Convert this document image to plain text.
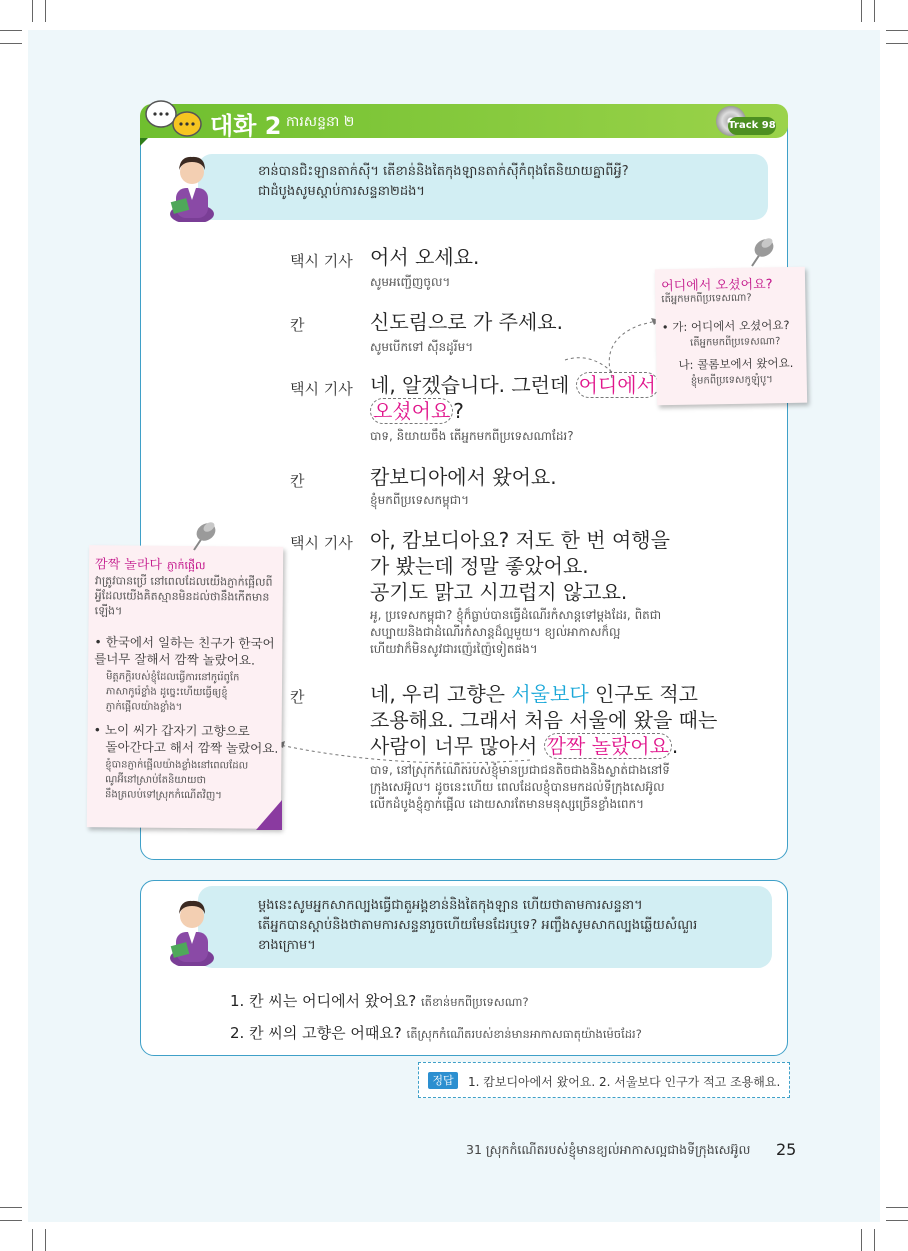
대화 2 ការសន្ទនា ២	Track 98
ខាន់បានជិះឡានតាក់ស៊ី។ តើខាន់និងតៃកុងឡានតាក់ស៊ីកំពុងតែនិយាយគ្នាពីអ្វី?
ជាដំបូងសូមស្ដាប់ការសន្ទនា២ដង។
택시 기사 어서 오세요.
សូមអញ្ជើញចូល។
칸	신도림으로 가 주세요.
សូមបើកទៅ ស៊ីនដូរីម។
택시 기사 네, 알겠습니다. 그런데 어디에서
오셨어요 ?
បាទ, និយាយចឹង តើអ្នកមកពីប្រទេសណាដែរ?
칸	캄보디아에서 왔어요.
ខ្ញុំមកពីប្រទេសកម្ពុជា។
택시 기사 아, 캄보디아요? 저도 한 번 여행을
가 봤는데 정말 좋았어요.
공기도 맑고 시끄럽지 않고요.
អូ, ប្រទេសកម្ពុជា? ខ្ញុំក៏ធ្លាប់បានធ្វើដំណើរកំសាន្តទៅម្ដងដែរ, ពិតជា
សប្បាយនិងជាដំណើរកំសាន្តដ៏ល្អមួយ។ ខ្យល់អាកាសក៏ល្អ
ហើយវាក៏មិនសូវជារញ៉េរញ៉ៃទៀតផង។
칸	네, 우리 고향은 서울보다 인구도 적고
조용해요. 그래서 처음 서울에 왔을 때는
사람이 너무 많아서 깜짝 놀랐어요 .
បាទ, នៅស្រុកកំណើតរបស់ខ្ញុំមានប្រជាជនតិចជាងនិងស្ងាត់ជាងនៅទី
ក្រុងសេអ៊ូល។ ដូចនេះហើយ ពេលដែលខ្ញុំបានមកដល់ទីក្រុងសេអ៊ូល
លើកដំបូងខ្ញុំភ្ញាក់ផ្អើល ដោយសារតែមានមនុស្សច្រើនខ្លាំងពេក។
어디에서 오셨어요?
តើអ្នកមកពីប្រទេសណា?
• 가: 어디에서 오셨어요?
តើអ្នកមកពីប្រទេសណា?
나: 콜롬보에서 왔어요.
ខ្ញុំមកពីប្រទេសកូឡុំបូ។
깜짝 놀라다 ភ្ញាក់ផ្អើល
វាត្រូវបានប្រើ នៅពេលដែលយើងភ្ញាក់ផ្អើលពី
អ្វីដែលយើងគិតស្មានមិនដល់ថានឹងកើតមាន
ឡើង។
• 한국에서 일하는 친구가 한국어를 너무 잘해서 깜짝 놀랐어요.
មិត្តភក្តិរបស់ខ្ញុំដែលធ្វើការនៅកូរ៉េពូកែ
ភាសាកូរ៉េខ្លាំង ដូច្នេះហើយធ្វើឲ្យខ្ញុំ
ភ្ញាក់ផ្អើលយ៉ាងខ្លាំង។
• 노이 씨가 갑자기 고향으로
돌아간다고 해서 깜짝 놀랐어요.
ខ្ញុំបានភ្ញាក់ផ្អើលយ៉ាងខ្លាំងនៅពេលដែល
ណូអ៊ីនៅស្រាប់តែនិយាយថា
នឹងត្រលប់ទៅស្រុកកំណើតវិញ។
ម្ដងនេះសូមអ្នកសាកល្បងធ្វើជាតួអង្គខាន់និងតៃកុងឡាន ហើយថាតាមការសន្ទនា។
តើអ្នកបានស្ដាប់និងថាតាមការសន្ទនារួចហើយមែនដែរឬទេ? អញ្ចឹងសូមសាកល្បងឆ្លើយសំណួរ
ខាងក្រោម។
1. 칸 씨는 어디에서 왔어요? តើខាន់មកពីប្រទេសណា?
2. 칸 씨의 고향은 어때요? តើស្រុកកំណើតរបស់ខាន់មានអាកាសធាតុយ៉ាងម៉េចដែរ?
정답	1. 캄보디아에서 왔어요. 2. 서울보다 인구가 적고 조용해요.
31 ស្រុកកំណើតរបស់ខ្ញុំមានខ្យល់អាកាសល្អជាងទីក្រុងសេអ៊ូល 25
